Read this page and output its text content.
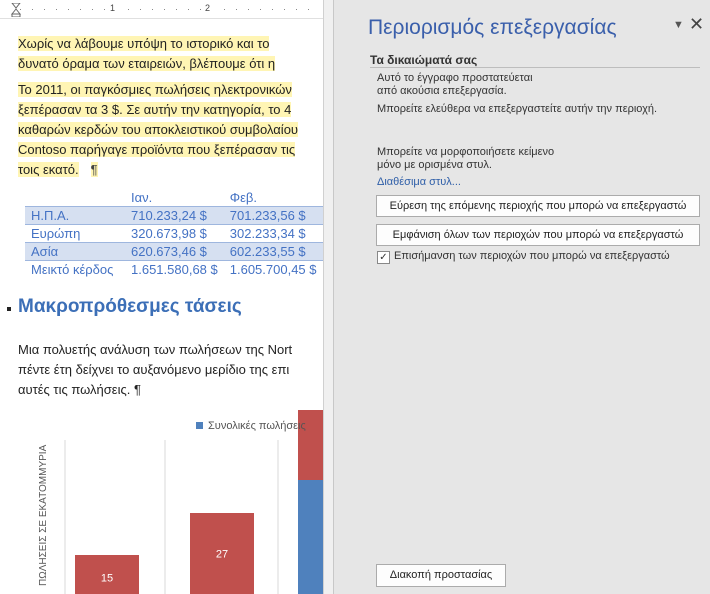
1	2
Χωρίς να λάβουμε υπόψη το ιστορικό και το
δυνατό όραμα των εταιρειών, βλέπουμε ότι η
Το 2011, οι παγκόσμιες πωλήσεις ηλεκτρονικών
ξεπέρασαν τα 3 $. Σε αυτήν την κατηγορία, το 4
καθαρών κερδών του αποκλειστικού συμβολαίου
Contoso παρήγαγε προϊόντα που ξεπέρασαν τις
τοις εκατό. ¶
	Ιαν.	Φεβ.
Η.Π.Α.	710.233,24 $	701.233,56 $
Ευρώπη	320.673,98 $	302.233,34 $
Ασία	620.673,46 $	602.233,55 $
Μεικτό κέρδος	1.651.580,68 $	1.605.700,45 $
Μακροπρόθεσμες τάσεις
Μια πολυετής ανάλυση των πωλήσεων της Nort
πέντε έτη δείχνει το αυξανόμενο μερίδιο της επι
αυτές τις πωλήσεις. ¶
15
27
Συνολικές πωλήσεις
ΠΩΛΗΣΕΙΣ ΣΕ ΕΚΑΤΟΜΜΥΡΙΑ
Περιορισμός επεξεργασίας	▼ ✕
Τα δικαιώματά σας
Αυτό το έγγραφο προστατεύεται
από ακούσια επεξεργασία.
Μπορείτε ελεύθερα να επεξεργαστείτε αυτήν την περιοχή.
Μπορείτε να μορφοποιήσετε κείμενο
μόνο με ορισμένα στυλ.
Διαθέσιμα στυλ...
Εύρεση της επόμενης περιοχής που μπορώ να επεξεργαστώ
Εμφάνιση όλων των περιοχών που μπορώ να επεξεργαστώ
✓ Επισήμανση των περιοχών που μπορώ να επεξεργαστώ
Διακοπή προστασίας
